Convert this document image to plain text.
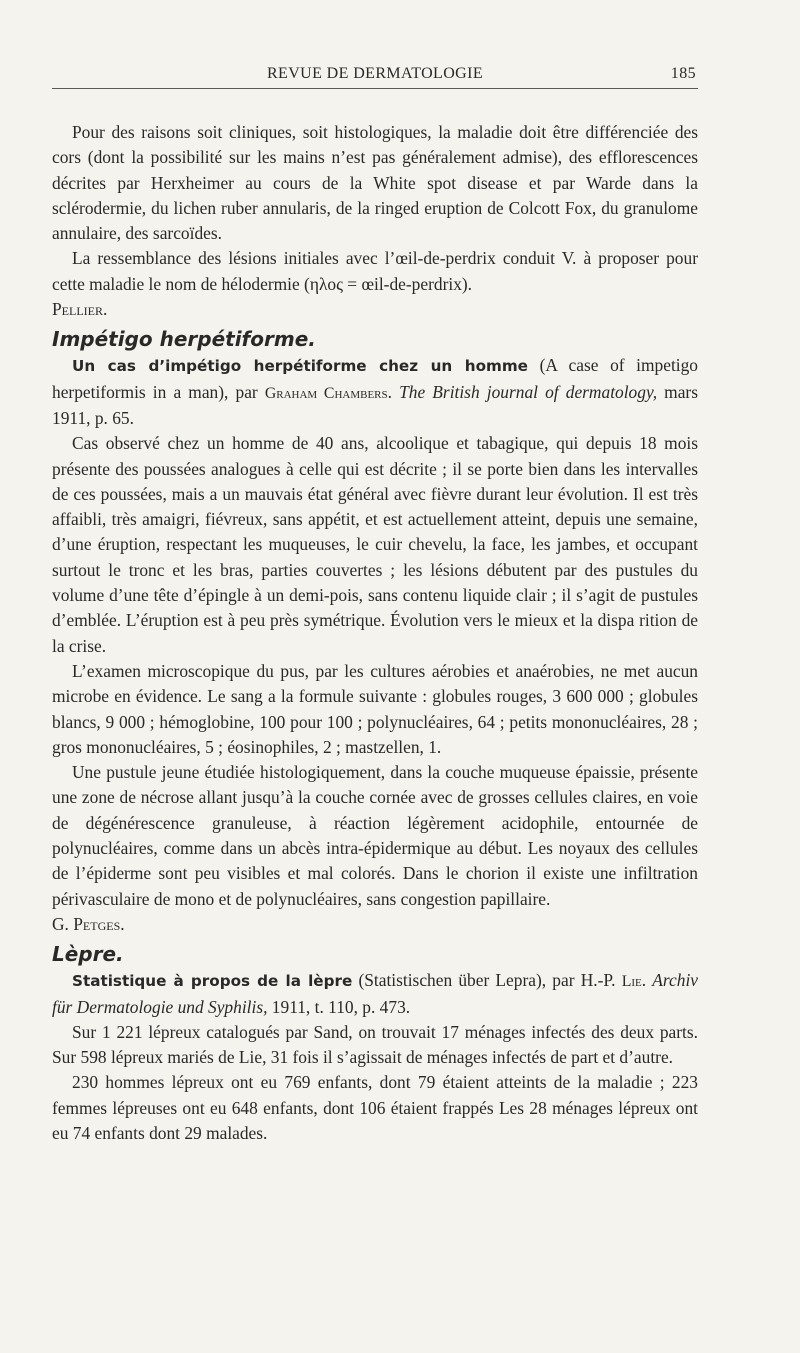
REVUE DE DERMATOLOGIE	185

Pour des raisons soit cliniques, soit histologiques, la maladie doit être différenciée des cors (dont la possibilité sur les mains n’est pas généralement admise), des efflorescences décrites par Herxheimer au cours de la White spot disease et par Warde dans la sclérodermie, du lichen ruber annularis, de la ringed eruption de Colcott Fox, du granulome annulaire, des sarcoïdes.

La ressemblance des lésions initiales avec l’œil-de-perdrix conduit V. à proposer pour cette maladie le nom de hélodermie (ηλος = œil-de-perdrix).

Pellier.

Impétigo herpétiforme.

Un cas d’impétigo herpétiforme chez un homme (A case of impetigo herpetiformis in a man), par Graham Chambers. The British journal of dermatology, mars 1911, p. 65.

Cas observé chez un homme de 40 ans, alcoolique et tabagique, qui depuis 18 mois présente des poussées analogues à celle qui est décrite ; il se porte bien dans les intervalles de ces poussées, mais a un mauvais état général avec fièvre durant leur évolution. Il est très affaibli, très amaigri, fiévreux, sans appétit, et est actuellement atteint, depuis une semaine, d’une éruption, respectant les muqueuses, le cuir chevelu, la face, les jambes, et occupant surtout le tronc et les bras, parties couvertes ; les lésions débutent par des pustules du volume d’une tête d’épingle à un demi-pois, sans contenu liquide clair ; il s’agit de pustules d’emblée. L’éruption est à peu près symétrique. Évolution vers le mieux et la dispa rition de la crise.

L’examen microscopique du pus, par les cultures aérobies et anaérobies, ne met aucun microbe en évidence. Le sang a la formule suivante : globules rouges, 3 600 000 ; globules blancs, 9 000 ; hémoglobine, 100 pour 100 ; polynucléaires, 64 ; petits mononucléaires, 28 ; gros mononucléaires, 5 ; éosinophiles, 2 ; mastzellen, 1.

Une pustule jeune étudiée histologiquement, dans la couche muqueuse épaissie, présente une zone de nécrose allant jusqu’à la couche cornée avec de grosses cellules claires, en voie de dégénérescence granuleuse, à réaction légèrement acidophile, entournée de polynucléaires, comme dans un abcès intra-épidermique au début. Les noyaux des cellules de l’épiderme sont peu visibles et mal colorés. Dans le chorion il existe une infiltration périvasculaire de mono et de polynucléaires, sans congestion papillaire.

G. Petges.

Lèpre.

Statistique à propos de la lèpre (Statistischen über Lepra), par H.-P. Lie. Archiv für Dermatologie und Syphilis, 1911, t. 110, p. 473.

Sur 1 221 lépreux catalogués par Sand, on trouvait 17 ménages infectés des deux parts. Sur 598 lépreux mariés de Lie, 31 fois il s’agissait de ménages infectés de part et d’autre.

230 hommes lépreux ont eu 769 enfants, dont 79 étaient atteints de la maladie ; 223 femmes lépreuses ont eu 648 enfants, dont 106 étaient frappés Les 28 ménages lépreux ont eu 74 enfants dont 29 malades.
